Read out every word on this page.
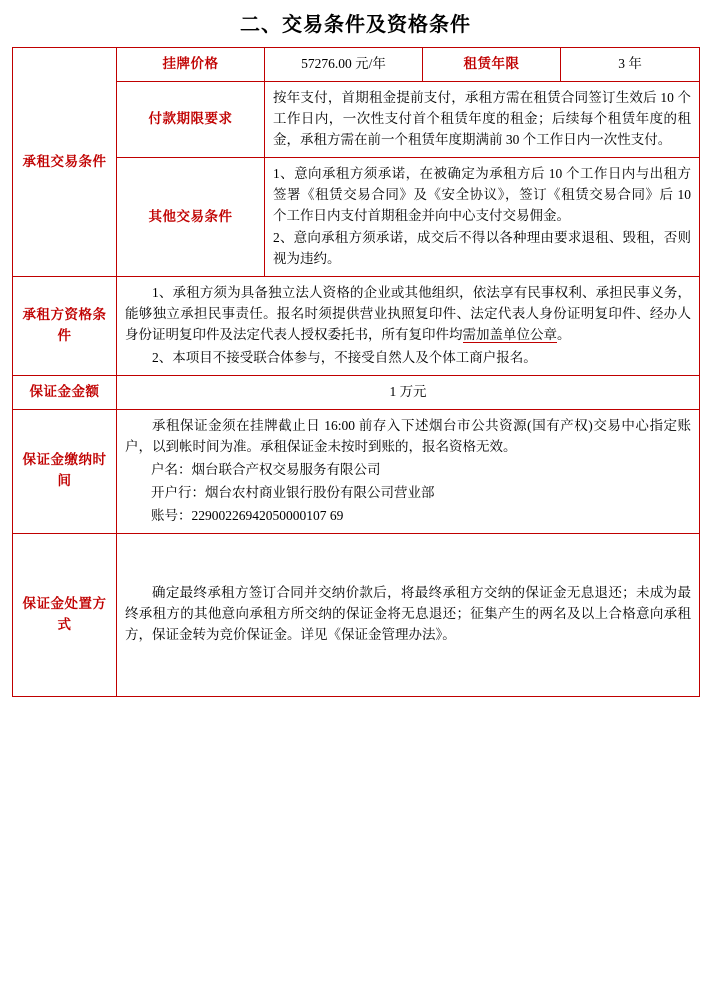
二、交易条件及资格条件
承租交易条件	挂牌价格	57276.00 元/年	租赁年限	3 年
	付款期限要求	按年支付，首期租金提前支付，承租方需在租赁合同签订生效后 10 个工作日内，一次性支付首个租赁年度的租金；后续每个租赁年度的租金，承租方需在前一个租赁年度期满前 30 个工作日内一次性支付。		
	其他交易条件	1、意向承租方须承诺，在被确定为承租方后 10 个工作日内与出租方签署《租赁交易合同》及《安全协议》，签订《租赁交易合同》后 10 个工作日内支付首期租金并向中心支付交易佣金。

2、意向承租方须承诺，成交后不得以各种理由要求退租、毁租，否则视为违约。		

承租方资格条件	1、承租方须为具备独立法人资格的企业或其他组织，依法享有民事权利、承担民事义务，能够独立承担民事责任。报名时须提供营业执照复印件、法定代表人身份证明复印件、经办人身份证明复印件及法定代表人授权委托书，所有复印件均需加盖单位公章。

2、本项目不接受联合体参与，不接受自然人及个体工商户报名。			

保证金金额	1 万元			
保证金缴纳时间	承租保证金须在挂牌截止日 16:00 前存入下述烟台市公共资源(国有产权)交易中心指定账户，以到帐时间为准。承租保证金未按时到账的，报名资格无效。

户名：烟台联合产权交易服务有限公司

开户行：烟台农村商业银行股份有限公司营业部

账号：22900226942050000107 69			

保证金处置方式	确定最终承租方签订合同并交纳价款后，将最终承租方交纳的保证金无息退还；未成为最终承租方的其他意向承租方所交纳的保证金将无息退还；征集产生的两名及以上合格意向承租方，保证金转为竞价保证金。详见《保证金管理办法》。			
